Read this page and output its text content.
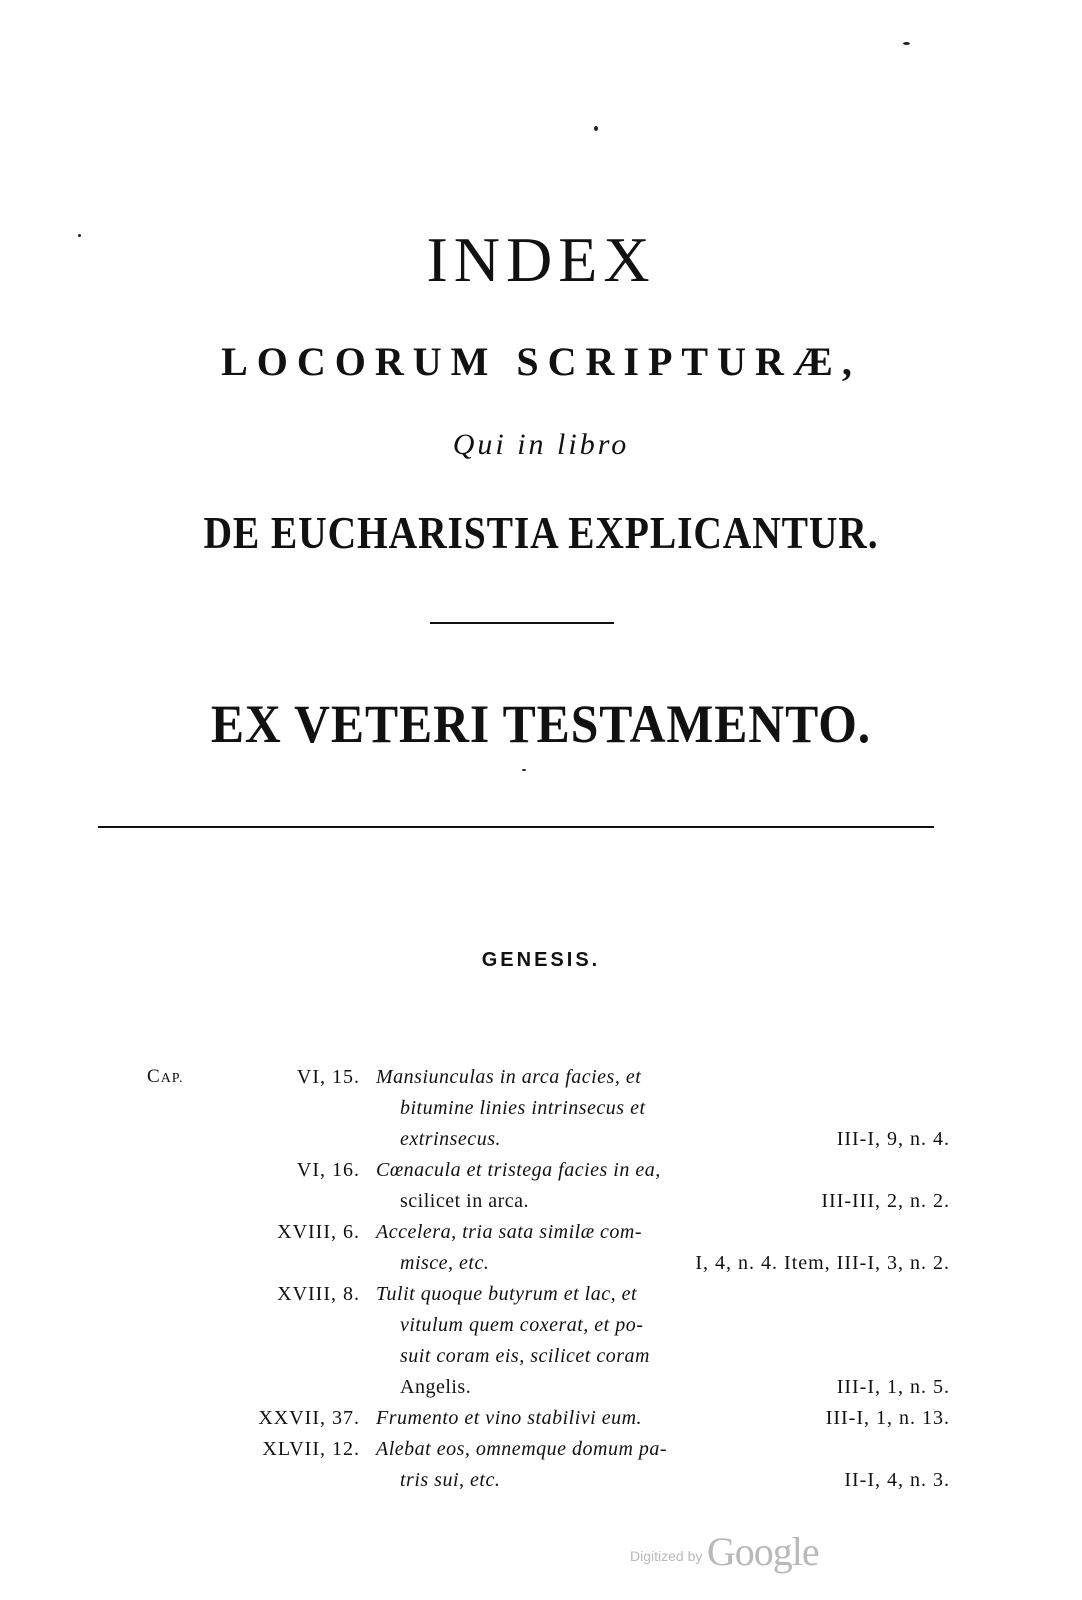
INDEX
LOCORUM SCRIPTURÆ,

Qui in libro

DE EUCHARISTIA EXPLICANTUR.
EX VETERI TESTAMENTO.
GENESIS.
CAP.	VI, 15. Mansiunculas in arca facies, et
bitumine linies intrinsecus et
extrinsecus.	III-I, 9, n. 4.
VI, 16. Cœnacula et tristega facies in ea,
scilicet in arca.	III-III, 2, n. 2.
XVIII, 6. Accelera, tria sata similæ com-
misce, etc.	I, 4, n. 4. Item, III-I, 3, n. 2.
XVIII, 8. Tulit quoque butyrum et lac, et
vitulum quem coxerat, et po-
suit coram eis, scilicet coram
Angelis.	III-I, 1, n. 5.
XXVII, 37. Frumento et vino stabilivi eum.	III-I, 1, n. 13.
XLVII, 12. Alebat eos, omnemque domum pa-
tris sui, etc.	II-I, 4, n. 3.
Digitized by Google
